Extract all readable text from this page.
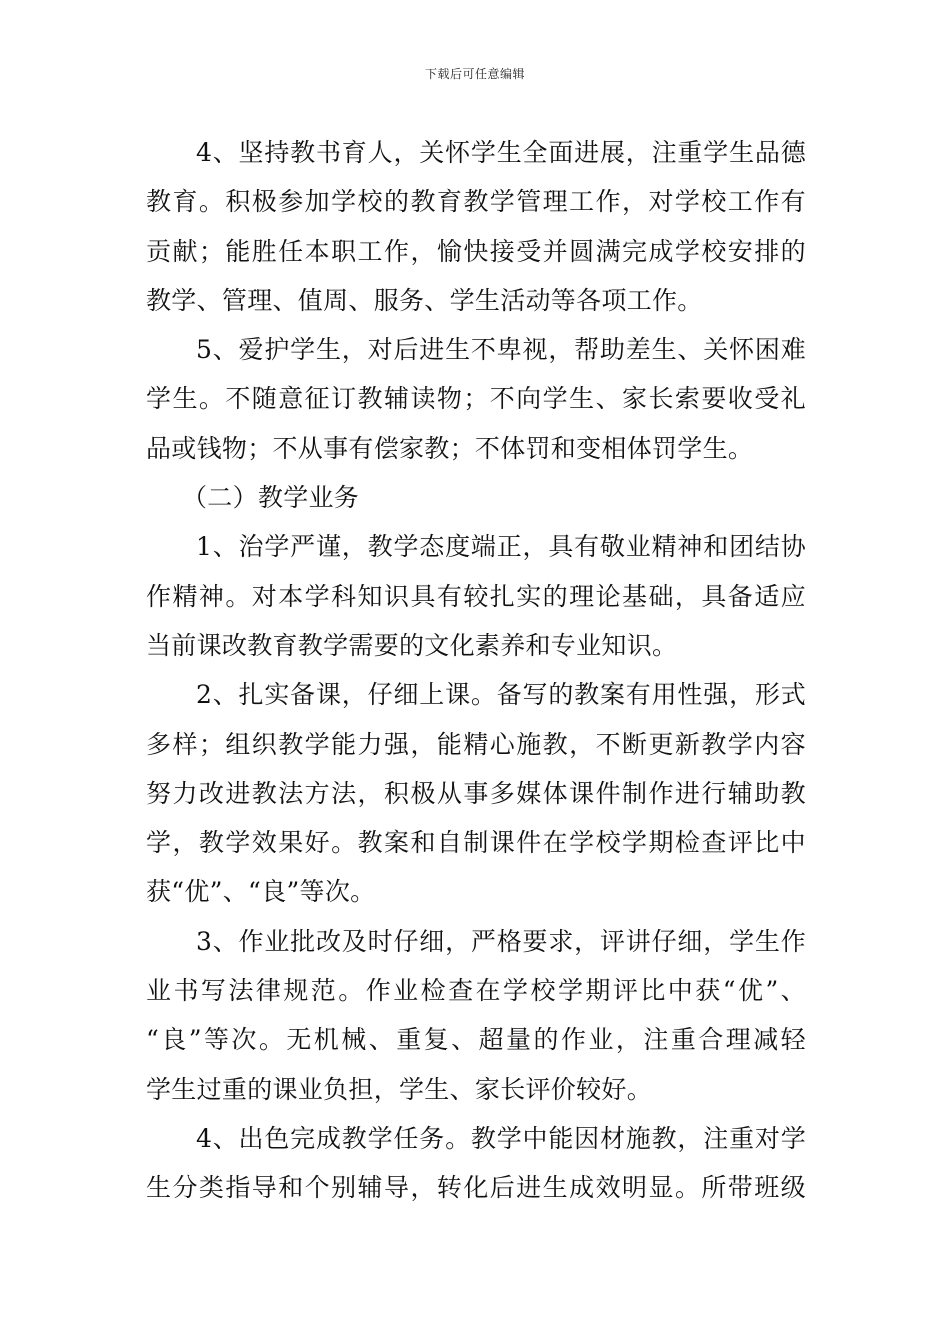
下载后可任意编辑
4、坚持教书育人，关怀学生全面进展，注重学生品德
教育。积极参加学校的教育教学管理工作，对学校工作有
贡献；能胜任本职工作，愉快接受并圆满完成学校安排的
教学、管理、值周、服务、学生活动等各项工作。
5、爱护学生，对后进生不卑视，帮助差生、关怀困难
学生。不随意征订教辅读物；不向学生、家长索要收受礼
品或钱物；不从事有偿家教；不体罚和变相体罚学生。
（二）教学业务
1、治学严谨，教学态度端正，具有敬业精神和团结协
作精神。对本学科知识具有较扎实的理论基础，具备适应
当前课改教育教学需要的文化素养和专业知识。
2、扎实备课，仔细上课。备写的教案有用性强，形式
多样；组织教学能力强，能精心施教，不断更新教学内容
努力改进教法方法，积极从事多媒体课件制作进行辅助教
学，教学效果好。教案和自制课件在学校学期检查评比中
获“优”、“良”等次。
3、作业批改及时仔细，严格要求，评讲仔细，学生作
业书写法律规范。作业检查在学校学期评比中获“优”、
“良”等次。无机械、重复、超量的作业，注重合理减轻
学生过重的课业负担，学生、家长评价较好。
4、出色完成教学任务。教学中能因材施教，注重对学
生分类指导和个别辅导，转化后进生成效明显。所带班级
